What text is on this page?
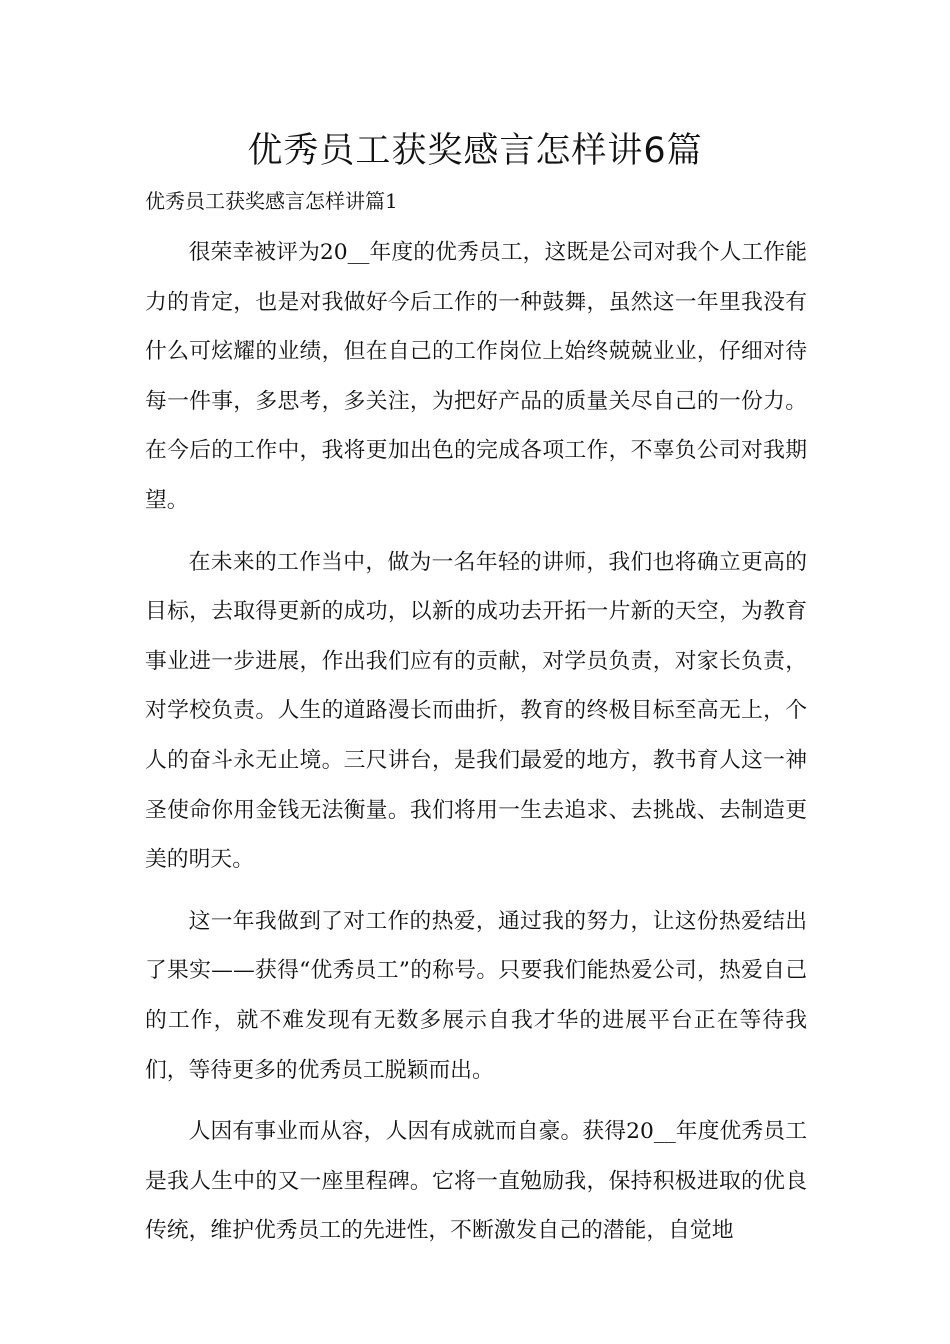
优秀员工获奖感言怎样讲6篇

优秀员工获奖感言怎样讲篇1

很荣幸被评为20__年度的优秀员工，这既是公司对我个人工作能力的肯定，也是对我做好今后工作的一种鼓舞，虽然这一年里我没有什么可炫耀的业绩，但在自己的工作岗位上始终兢兢业业，仔细对待每一件事，多思考，多关注，为把好产品的质量关尽自己的一份力。在今后的工作中，我将更加出色的完成各项工作，不辜负公司对我期望。

在未来的工作当中，做为一名年轻的讲师，我们也将确立更高的目标，去取得更新的成功，以新的成功去开拓一片新的天空，为教育事业进一步进展，作出我们应有的贡献，对学员负责，对家长负责，对学校负责。人生的道路漫长而曲折，教育的终极目标至高无上，个人的奋斗永无止境。三尺讲台，是我们最爱的地方，教书育人这一神圣使命你用金钱无法衡量。我们将用一生去追求、去挑战、去制造更美的明天。

这一年我做到了对工作的热爱，通过我的努力，让这份热爱结出了果实——获得“优秀员工”的称号。只要我们能热爱公司，热爱自己的工作，就不难发现有无数多展示自我才华的进展平台正在等待我们，等待更多的优秀员工脱颖而出。

人因有事业而从容，人因有成就而自豪。获得20__年度优秀员工是我人生中的又一座里程碑。它将一直勉励我，保持积极进取的优良传统，维护优秀员工的先进性，不断激发自己的潜能，自觉地
